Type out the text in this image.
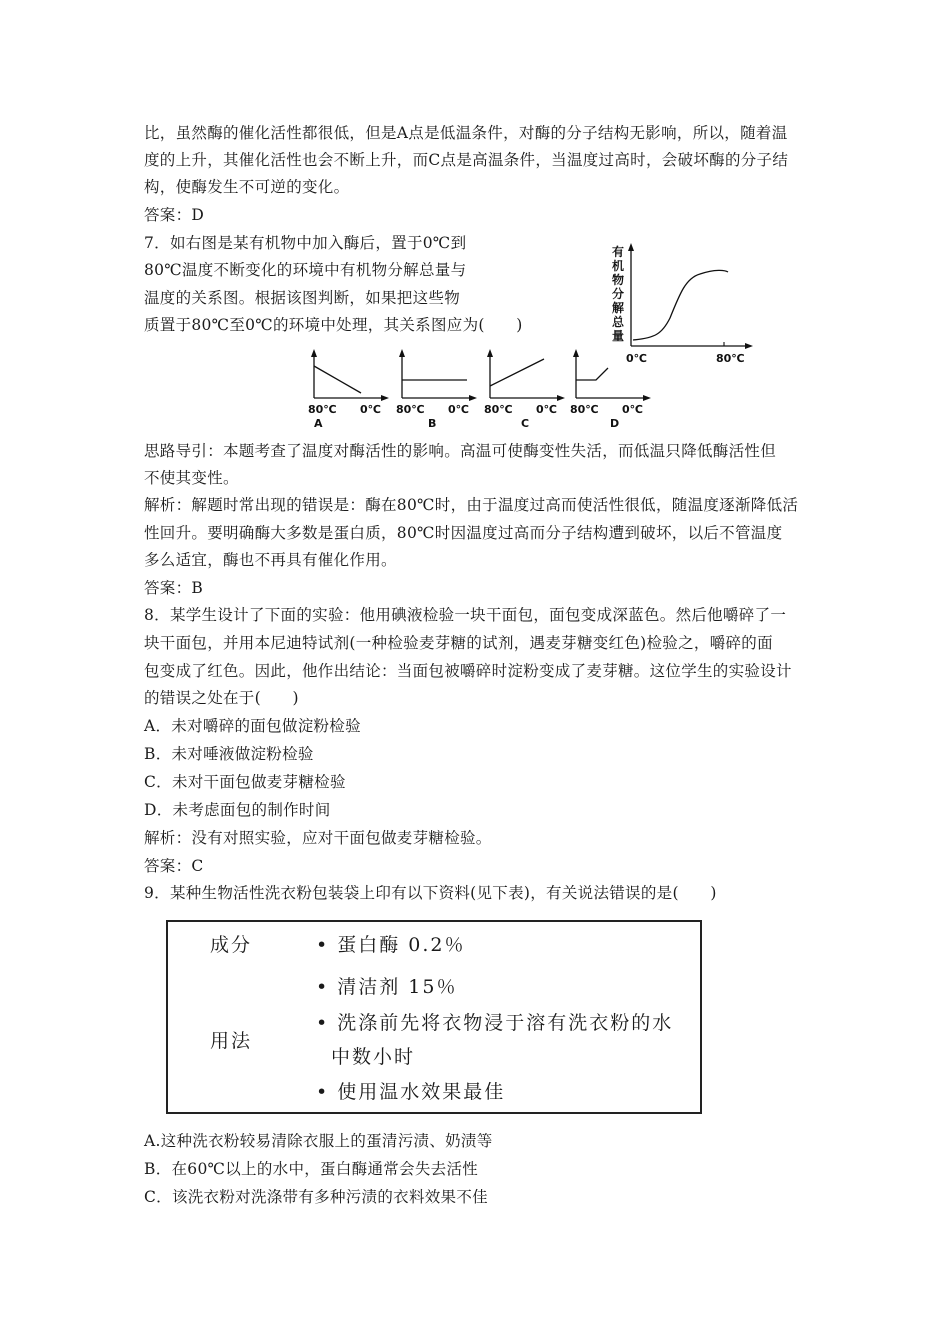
比，虽然酶的催化活性都很低，但是A点是低温条件，对酶的分子结构无影响，所以，随着温
度的上升，其催化活性也会不断上升，而C点是高温条件，当温度过高时，会破坏酶的分子结
构，使酶发生不可逆的变化。
答案：D
7．如右图是某有机物中加入酶后，置于0℃到
80℃温度不断变化的环境中有机物分解总量与
温度的关系图。根据该图判断，如果把这些物
质置于80℃至0℃的环境中处理，其关系图应为(　　)
有
机
物
分
解
总
量
0℃	80℃
80℃ 0℃
A
80℃ 0℃
B
80℃ 0℃
C
80℃ 0℃
D
思路导引：本题考查了温度对酶活性的影响。高温可使酶变性失活，而低温只降低酶活性但
不使其变性。
解析：解题时常出现的错误是：酶在80℃时，由于温度过高而使活性很低，随温度逐渐降低活
性回升。要明确酶大多数是蛋白质，80℃时因温度过高而分子结构遭到破坏，以后不管温度
多么适宜，酶也不再具有催化作用。
答案：B
8．某学生设计了下面的实验：他用碘液检验一块干面包，面包变成深蓝色。然后他嚼碎了一
块干面包，并用本尼迪特试剂(一种检验麦芽糖的试剂，遇麦芽糖变红色)检验之，嚼碎的面
包变成了红色。因此，他作出结论：当面包被嚼碎时淀粉变成了麦芽糖。这位学生的实验设计
的错误之处在于(　　)
A．未对嚼碎的面包做淀粉检验
B．未对唾液做淀粉检验
C．未对干面包做麦芽糖检验
D．未考虑面包的制作时间
解析：没有对照实验，应对干面包做麦芽糖检验。
答案：C
9．某种生物活性洗衣粉包装袋上印有以下资料(见下表)，有关说法错误的是(　　)
成分	• 蛋白酶 0.2％
• 清洁剂 15％
用法
• 洗涤前先将衣物浸于溶有洗衣粉的水
中数小时
• 使用温水效果最佳
A.这种洗衣粉较易清除衣服上的蛋清污渍、奶渍等
B．在60℃以上的水中，蛋白酶通常会失去活性
C．该洗衣粉对洗涤带有多种污渍的衣料效果不佳
